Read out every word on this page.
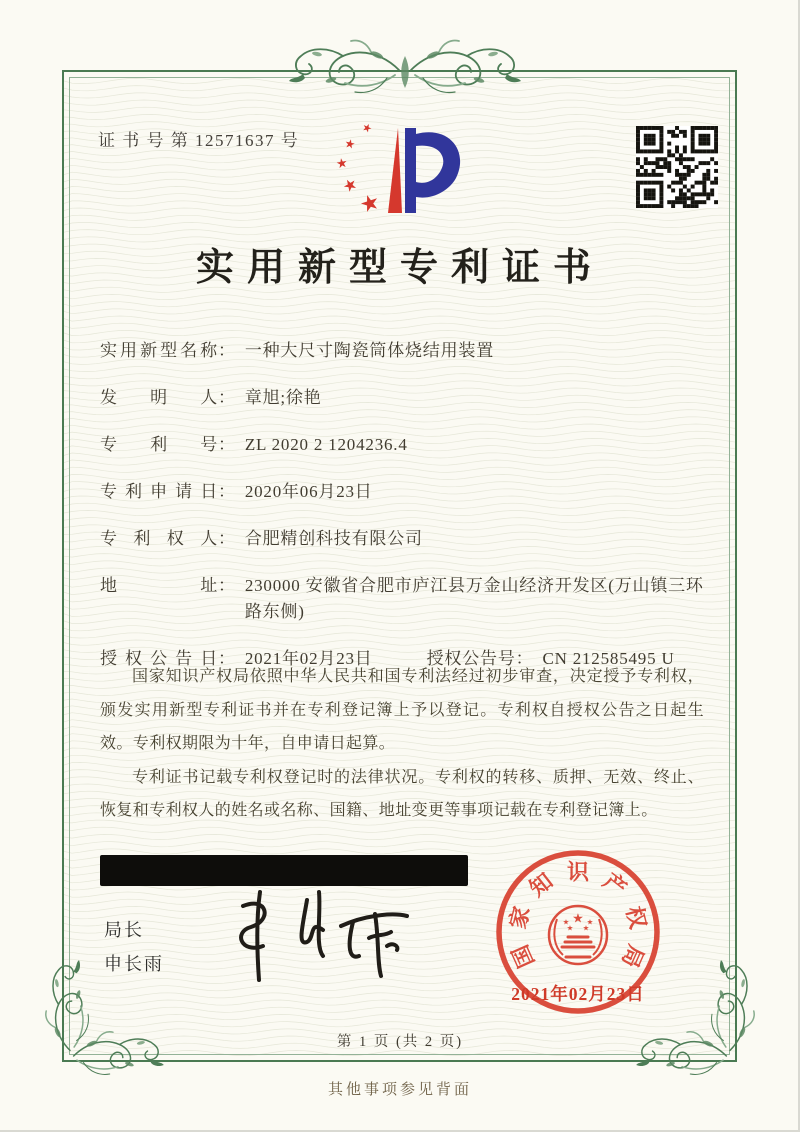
证 书 号 第 12571637 号
★
★
★
★
★
实用新型专利证书
实用新型名称 ： 一种大尺寸陶瓷筒体烧结用装置
发明人 ： 章旭;徐艳
专利号 ： ZL 2020 2 1204236.4
专利申请日 ： 2020年06月23日
专利权人 ： 合肥精创科技有限公司
地址 ： 230000 安徽省合肥市庐江县万金山经济开发区(万山镇三环路东侧)
授权公告日 ： 2021年02月23日	授权公告号 ： CN 212585495 U

国家知识产权局依照中华人民共和国专利法经过初步审查，决定授予专利权，颁发实用新型专利证书并在专利登记簿上予以登记。专利权自授权公告之日起生效。专利权期限为十年，自申请日起算。

专利证书记载专利权登记时的法律状况。专利权的转移、质押、无效、终止、恢复和专利权人的姓名或名称、国籍、地址变更等事项记载在专利登记簿上。

局长
申长雨	国
家
知 识 产
权
局
★
★ ★
★ ★
2021年02月23日
第 1 页 (共 2 页)
其他事项参见背面
